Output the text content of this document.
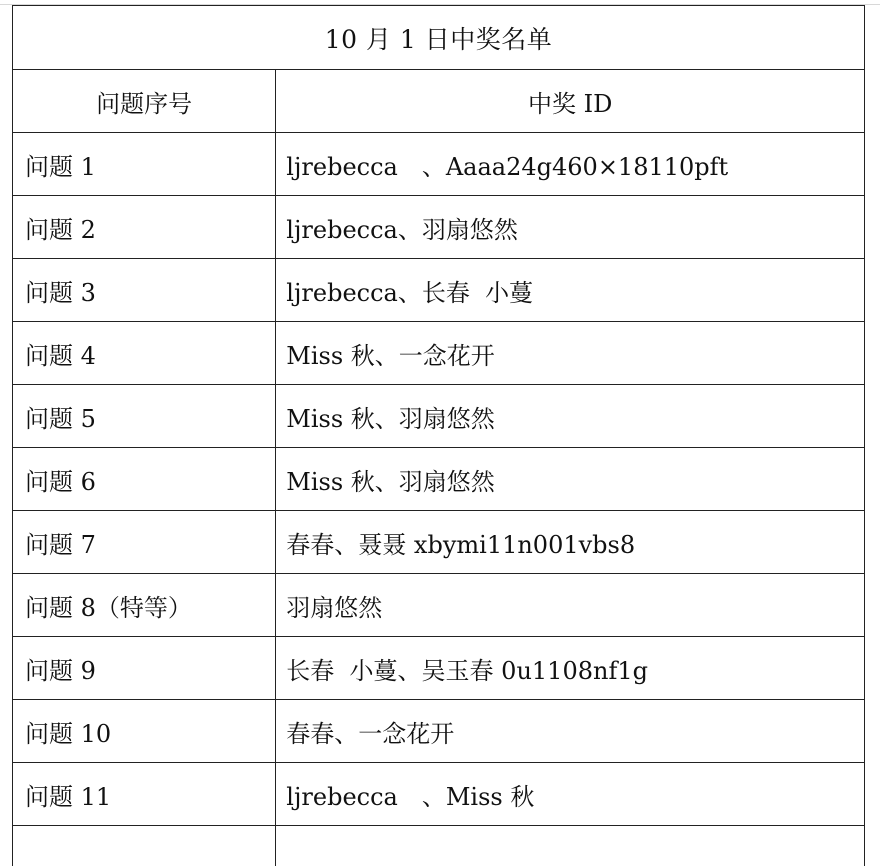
10 月 1 日中奖名单	
问题序号	中奖 ID
问题 1	ljrebecca　、Aaaa24g460×18110pft
问题 2	ljrebecca、羽扇悠然
问题 3	ljrebecca、长春  小蔓
问题 4	Miss 秋、一念花开
问题 5	Miss 秋、羽扇悠然
问题 6	Miss 秋、羽扇悠然
问题 7	春春、聂聂 xbymi11n001vbs8
问题 8（特等）	羽扇悠然
问题 9	长春  小蔓、吴玉春 0u1108nf1g
问题 10	春春、一念花开
问题 11	ljrebecca　、Miss 秋
